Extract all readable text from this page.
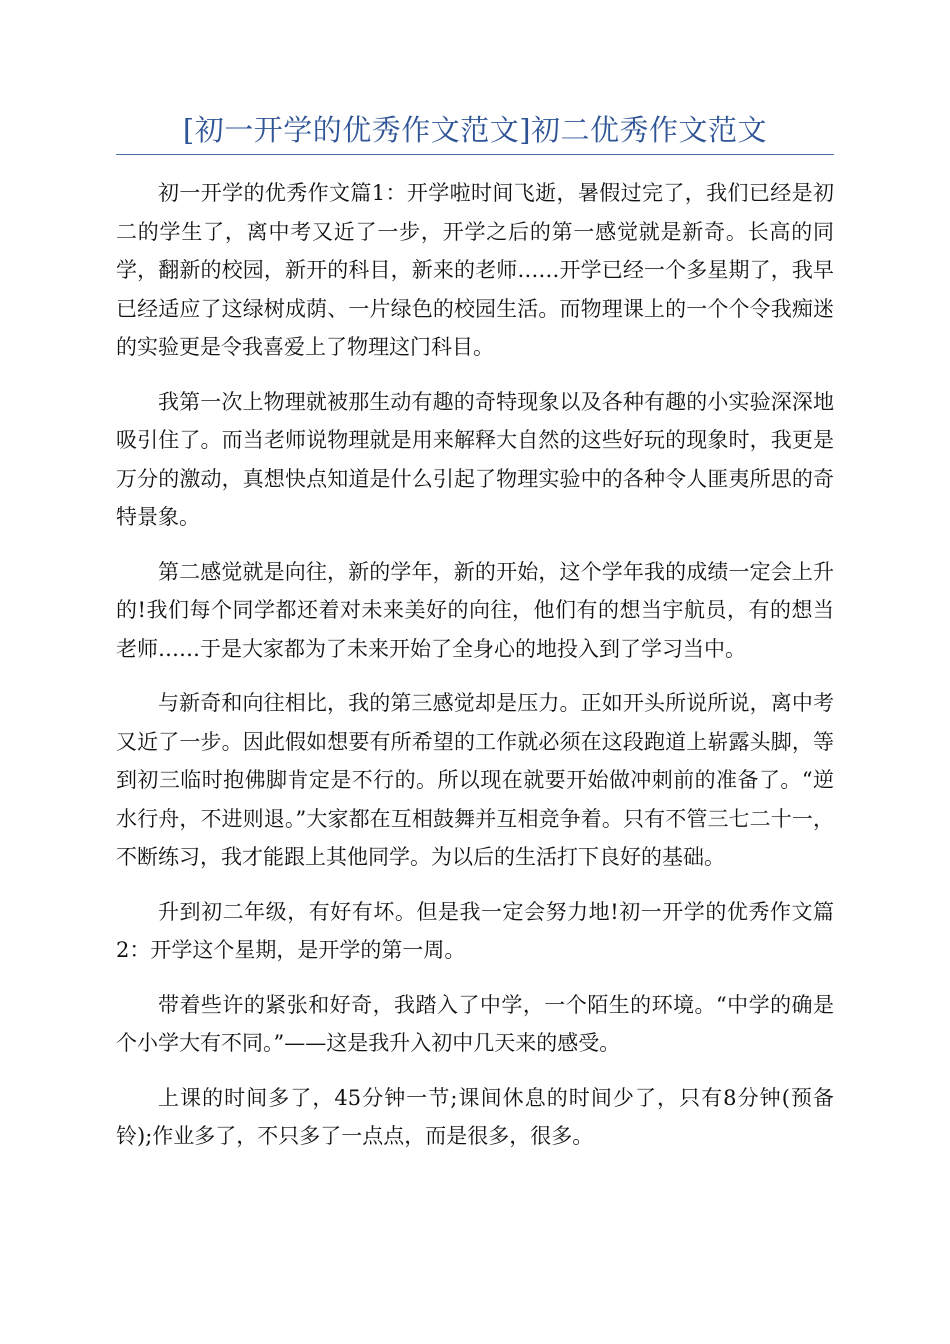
[初一开学的优秀作文范文]初二优秀作文范文

初一开学的优秀作文篇1：开学啦时间飞逝，暑假过完了，我们已经是初二的学生了，离中考又近了一步，开学之后的第一感觉就是新奇。长高的同学，翻新的校园，新开的科目，新来的老师……开学已经一个多星期了，我早已经适应了这绿树成荫、一片绿色的校园生活。而物理课上的一个个令我痴迷的实验更是令我喜爱上了物理这门科目。

我第一次上物理就被那生动有趣的奇特现象以及各种有趣的小实验深深地吸引住了。而当老师说物理就是用来解释大自然的这些好玩的现象时，我更是万分的激动，真想快点知道是什么引起了物理实验中的各种令人匪夷所思的奇特景象。

第二感觉就是向往，新的学年，新的开始，这个学年我的成绩一定会上升的!我们每个同学都还着对未来美好的向往，他们有的想当宇航员，有的想当老师……于是大家都为了未来开始了全身心的地投入到了学习当中。

与新奇和向往相比，我的第三感觉却是压力。正如开头所说所说，离中考又近了一步。因此假如想要有所希望的工作就必须在这段跑道上崭露头脚，等到初三临时抱佛脚肯定是不行的。所以现在就要开始做冲刺前的准备了。“逆水行舟，不进则退。”大家都在互相鼓舞并互相竞争着。只有不管三七二十一，不断练习，我才能跟上其他同学。为以后的生活打下良好的基础。

升到初二年级，有好有坏。但是我一定会努力地!初一开学的优秀作文篇2：开学这个星期，是开学的第一周。

带着些许的紧张和好奇，我踏入了中学，一个陌生的环境。“中学的确是个小学大有不同。”——这是我升入初中几天来的感受。

上课的时间多了，45分钟一节;课间休息的时间少了，只有8分钟(预备铃);作业多了，不只多了一点点，而是很多，很多。
